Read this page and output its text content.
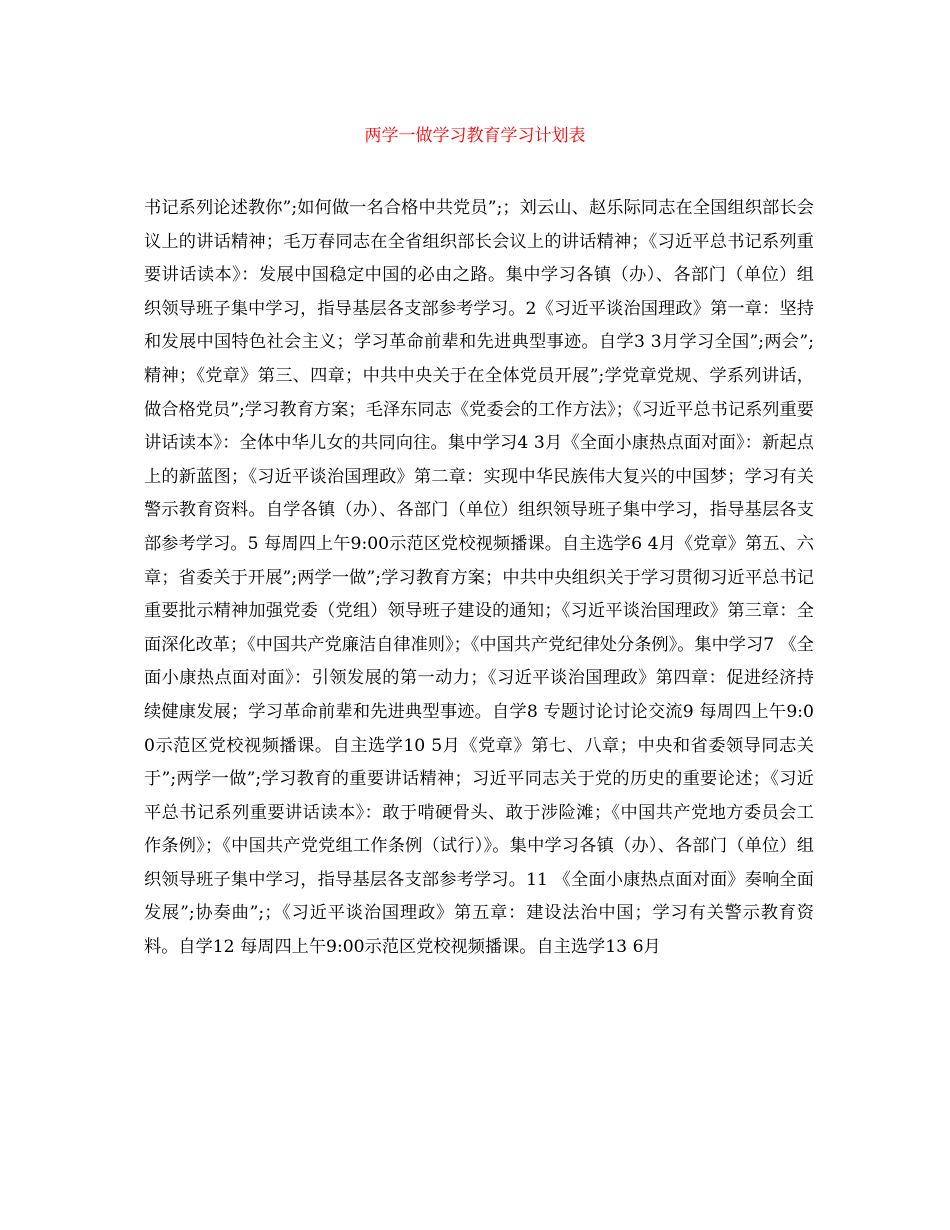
两学一做学习教育学习计划表

书记系列论述教你”;如何做一名合格中共党员”;；刘云山、赵乐际同志在全国组织部长会议上的讲话精神；毛万春同志在全省组织部长会议上的讲话精神；《习近平总书记系列重要讲话读本》：发展中国稳定中国的必由之路。集中学习各镇（办）、各部门（单位）组织领导班子集中学习，指导基层各支部参考学习。2《习近平谈治国理政》第一章：坚持和发展中国特色社会主义；学习革命前辈和先进典型事迹。自学3 3月学习全国”;两会”;精神；《党章》第三、四章；中共中央关于在全体党员开展”;学党章党规、学系列讲话，做合格党员”;学习教育方案；毛泽东同志《党委会的工作方法》；《习近平总书记系列重要讲话读本》：全体中华儿女的共同向往。集中学习4 3月《全面小康热点面对面》：新起点上的新蓝图；《习近平谈治国理政》第二章：实现中华民族伟大复兴的中国梦；学习有关警示教育资料。自学各镇（办）、各部门（单位）组织领导班子集中学习，指导基层各支部参考学习。5 每周四上午9:00示范区党校视频播课。自主选学6 4月《党章》第五、六章；省委关于开展”;两学一做”;学习教育方案；中共中央组织关于学习贯彻习近平总书记重要批示精神加强党委（党组）领导班子建设的通知；《习近平谈治国理政》第三章：全面深化改革；《中国共产党廉洁自律准则》；《中国共产党纪律处分条例》。集中学习7 《全面小康热点面对面》：引领发展的第一动力；《习近平谈治国理政》第四章：促进经济持续健康发展；学习革命前辈和先进典型事迹。自学8 专题讨论讨论交流9 每周四上午9:00示范区党校视频播课。自主选学10 5月《党章》第七、八章；中央和省委领导同志关于”;两学一做”;学习教育的重要讲话精神；习近平同志关于党的历史的重要论述；《习近平总书记系列重要讲话读本》：敢于啃硬骨头、敢于涉险滩；《中国共产党地方委员会工作条例》；《中国共产党党组工作条例（试行）》。集中学习各镇（办）、各部门（单位）组织领导班子集中学习，指导基层各支部参考学习。11 《全面小康热点面对面》奏响全面发展”;协奏曲”;；《习近平谈治国理政》第五章：建设法治中国；学习有关警示教育资料。自学12 每周四上午9:00示范区党校视频播课。自主选学13 6月
